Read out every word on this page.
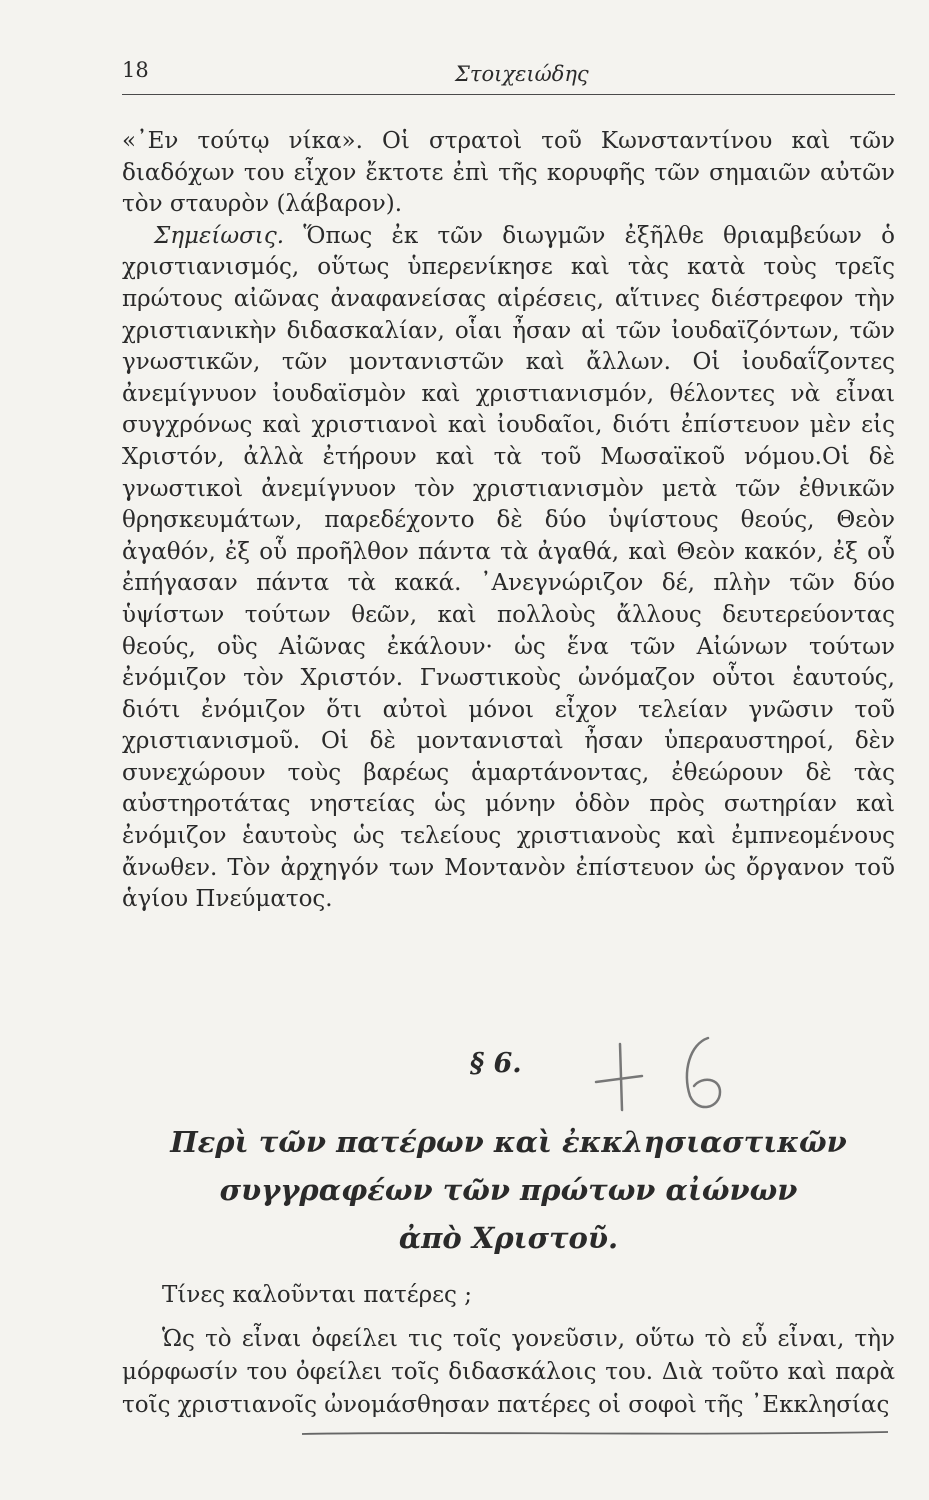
18	Στοιχειώδης

«᾿Εν τούτῳ νίκα». Οἱ στρατοὶ τοῦ Κωνσταντίνου καὶ τῶν διαδόχων του εἶχον ἔκτοτε ἐπὶ τῆς κορυφῆς τῶν σημαιῶν αὐτῶν τὸν σταυρὸν (λάβαρον).

Σημείωσις. Ὅπως ἐκ τῶν διωγμῶν ἐξῆλθε θριαμβεύων ὁ χριστιανισμός, οὕτως ὑπερενίκησε καὶ τὰς κατὰ τοὺς τρεῖς πρώτους αἰῶνας ἀναφανείσας αἱρέσεις, αἵτινες διέστρεφον τὴν χριστιανικὴν διδασκαλίαν, οἷαι ἦσαν αἱ τῶν ἰουδαϊζόντων, τῶν γνωστικῶν, τῶν μοντανιστῶν καὶ ἄλλων. Οἱ ἰουδαΐζοντες ἀνεμίγνυον ἰουδαϊσμὸν καὶ χριστιανισμόν, θέλοντες νὰ εἶναι συγχρόνως καὶ χριστιανοὶ καὶ ἰουδαῖοι, διότι ἐπίστευον μὲν εἰς Χριστόν, ἀλλὰ ἐτήρουν καὶ τὰ τοῦ Μωσαϊκοῦ νόμου.Οἱ δὲ γνωστικοὶ ἀνεμίγνυον τὸν χριστιανισμὸν μετὰ τῶν ἐθνικῶν θρησκευμάτων, παρεδέχοντο δὲ δύο ὑψίστους θεούς, Θεὸν ἀγαθόν, ἐξ οὗ προῆλθον πάντα τὰ ἀγαθά, καὶ Θεὸν κακόν, ἐξ οὗ ἐπήγασαν πάντα τὰ κακά. ᾿Ανεγνώριζον δέ, πλὴν τῶν δύο ὑψίστων τούτων θεῶν, καὶ πολλοὺς ἄλλους δευτερεύοντας θεούς, οὓς Αἰῶνας ἐκάλουν· ὡς ἕνα τῶν Αἰώνων τούτων ἐνόμιζον τὸν Χριστόν. Γνωστικοὺς ὠνόμαζον οὗτοι ἑαυτούς, διότι ἐνόμιζον ὅτι αὐτοὶ μόνοι εἶχον τελείαν γνῶσιν τοῦ χριστιανισμοῦ. Οἱ δὲ μοντανισταὶ ἦσαν ὑπεραυστηροί, δὲν συνεχώρουν τοὺς βαρέως ἁμαρτάνοντας, ἐθεώρουν δὲ τὰς αὐστηροτάτας νηστείας ὡς μόνην ὁδὸν πρὸς σωτηρίαν καὶ ἐνόμιζον ἑαυτοὺς ὡς τελείους χριστιανοὺς καὶ ἐμπνεομένους ἄνωθεν. Τὸν ἀρχηγόν των Μοντανὸν ἐπίστευον ὡς ὄργανον τοῦ ἁγίου Πνεύματος.

§ 6.
Περὶ τῶν πατέρων καὶ ἐκκλησιαστικῶν
συγγραφέων τῶν πρώτων αἰώνων
ἀπὸ Χριστοῦ.
Τίνες καλοῦνται πατέρες ;

Ὡς τὸ εἶναι ὀφείλει τις τοῖς γονεῦσιν, οὕτω τὸ εὖ εἶναι, τὴν μόρφωσίν του ὀφείλει τοῖς διδασκάλοις του. Διὰ τοῦτο καὶ παρὰ τοῖς χριστιανοῖς ὠνομάσθησαν πατέρες οἱ σοφοὶ τῆς ᾿Εκκλησίας
